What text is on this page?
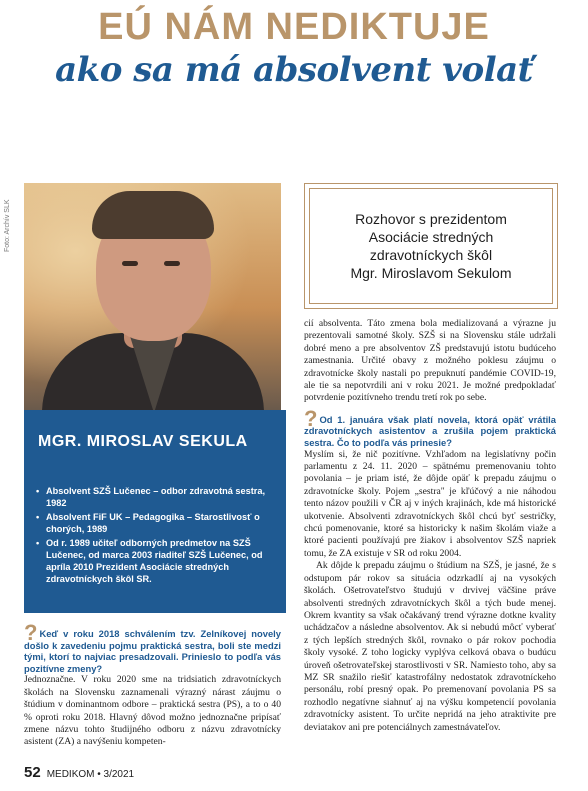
EÚ NÁM NEDIKTUJE
ako sa má absolvent volať
Foto: Archív SLK
MGR. MIROSLAV SEKULA
• Absolvent SZŠ Lučenec – odbor zdravotná sestra, 1982
• Absolvent FiF UK – Pedagogika – Starostlivosť o chorých, 1989
• Od r. 1989 učiteľ odborných predmetov na SZŠ Lučenec, od marca 2003 riaditeľ SZŠ Lučenec, od apríla 2010 Prezident Asociácie stredných zdravotníckych škôl SR.
Rozhovor s prezidentom
Asociácie stredných
zdravotníckych škôl
Mgr. Miroslavom Sekulom

? Keď v roku 2018 schválením tzv. Zelníkovej novely došlo k zavedeniu pojmu praktická sestra, boli ste medzi tými, ktorí to najviac presadzovali. Prinieslo to podľa vás pozitívne zmeny?

Jednoznačne. V roku 2020 sme na tridsiatich zdravotníckych školách na Slovensku zaznamenali výrazný nárast záujmu o štúdium v dominantnom odbore – praktická sestra (PS), a to o 40 % oproti roku 2018. Hlavný dôvod možno jednoznačne pripísať zmene názvu tohto študijného odboru z názvu zdravotnícky asistent (ZA) a navýšeniu kompeten-

cií absolventa. Táto zmena bola medializovaná a výrazne ju prezentovali samotné školy. SZŠ si na Slovensku stále udržali dobré meno a pre absolventov ZŠ predstavujú istotu budúceho zamestnania. Určité obavy z možného poklesu záujmu o zdravotnícke školy nastali po prepuknutí pandémie COVID-19, ale tie sa nepotvrdili ani v roku 2021. Je možné predpokladať potvrdenie pozitívneho trendu tretí rok po sebe.

? Od 1. januára však platí novela, ktorá opäť vrátila zdravotníckych asistentov a zrušila pojem praktická sestra. Čo to podľa vás prinesie?

Myslím si, že nič pozitívne. Vzhľadom na legislatívny počin parlamentu z 24. 11. 2020 – spätnému premenovaniu tohto povolania – je priam isté, že dôjde opäť k prepadu záujmu o zdravotnícke školy. Pojem „sestra" je kľúčový a nie náhodou tento názov použili v ČR aj v iných krajinách, kde má historické ukotvenie. Absolventi zdravotníckych škôl chcú byť sestričky, chcú pomenovanie, ktoré sa historicky k našim školám viaže a ktoré pacienti používajú pre žiakov i absolventov SZŠ napriek tomu, že ZA existuje v SR od roku 2004.

Ak dôjde k prepadu záujmu o štúdium na SZŠ, je jasné, že s odstupom pár rokov sa situácia odzrkadlí aj na vysokých školách. Ošetrovateľstvo študujú v drvivej väčšine práve absolventi stredných zdravotníckych škôl a tých bude menej. Okrem kvantity sa však očakávaný trend výrazne dotkne kvality uchádzačov a následne absolventov. Ak si nebudú môcť vyberať z tých lepších stredných škôl, rovnako o pár rokov pochodia školy vysoké. Z toho logicky vyplýva celková obava o budúcu úroveň ošetrovateľskej starostlivosti v SR. Namiesto toho, aby sa MZ SR snažilo riešiť katastrofálny nedostatok zdravotníckeho personálu, robí presný opak. Po premenovaní povolania PS sa rozhodlo negatívne siahnuť aj na výšku kompetencií povolania zdravotnícky asistent. To určite nepridá na jeho atraktivite pre deviatakov ani pre potenciálnych zamestnávateľov.

52 MEDIKOM • 3/2021
